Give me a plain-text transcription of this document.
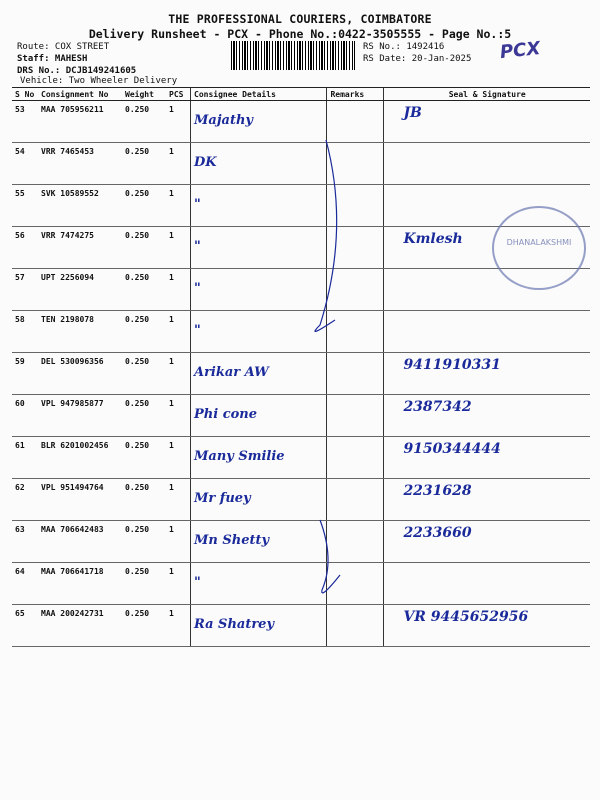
THE PROFESSIONAL COURIERS, COIMBATORE
Delivery Runsheet - PCX - Phone No.:0422-3505555 - Page No.:5
Route: COX STREET
Staff: MAHESH
DRS No.: DCJB149241605
Vehicle: Two Wheeler Delivery
RS No.: 1492416
RS Date: 20-Jan-2025 PCX
S No	Consignment No	Weight	PCS	Consignee Details	Remarks	Seal & Signature
53	MAA 705956211	0.250	1	Majathy		JB
54	VRR 7465453	0.250	1	DK		
55	SVK 10589552	0.250	1	"		
56	VRR 7474275	0.250	1	"		Kmlesh
57	UPT 2256094	0.250	1	"		
58	TEN 2198078	0.250	1	"		
59	DEL 530096356	0.250	1	Arikar AW		9411910331
60	VPL 947985877	0.250	1	Phi cone		2387342
61	BLR 6201002456	0.250	1	Many Smilie		9150344444
62	VPL 951494764	0.250	1	Mr fuey		2231628
63	MAA 706642483	0.250	1	Mn Shetty		2233660
64	MAA 706641718	0.250	1	"		
65	MAA 200242731	0.250	1	Ra Shatrey		VR 9445652956
DHANALAKSHMI
